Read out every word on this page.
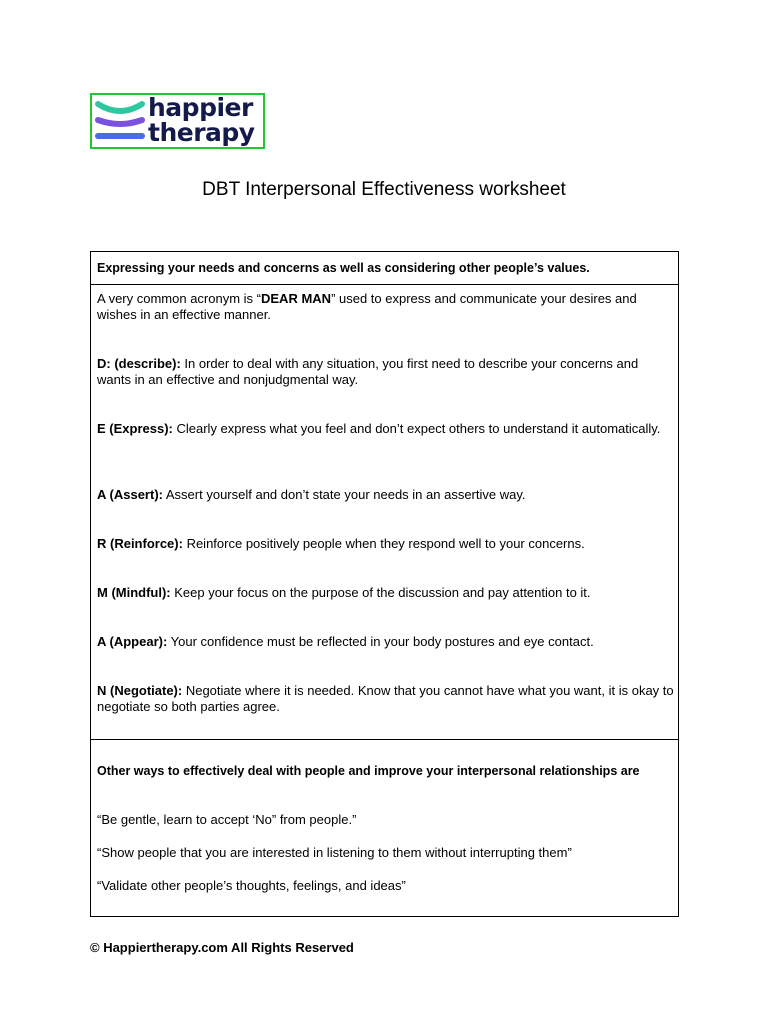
happier
therapy
DBT Interpersonal Effectiveness worksheet
Expressing your needs and concerns as well as considering other people’s values.
A very common acronym is “DEAR MAN” used to express and communicate your desires and wishes in an effective manner.
D: (describe): In order to deal with any situation, you first need to describe your concerns and wants in an effective and nonjudgmental way.
E (Express): Clearly express what you feel and don’t expect others to understand it automatically.
A (Assert): Assert yourself and don’t state your needs in an assertive way.
R (Reinforce): Reinforce positively people when they respond well to your concerns.
M (Mindful): Keep your focus on the purpose of the discussion and pay attention to it.
A (Appear): Your confidence must be reflected in your body postures and eye contact.
N (Negotiate): Negotiate where it is needed. Know that you cannot have what you want, it is okay to negotiate so both parties agree.
Other ways to effectively deal with people and improve your interpersonal relationships are
“Be gentle, learn to accept ‘No” from people.”
“Show people that you are interested in listening to them without interrupting them”
“Validate other people’s thoughts, feelings, and ideas”
© Happiertherapy.com All Rights Reserved
